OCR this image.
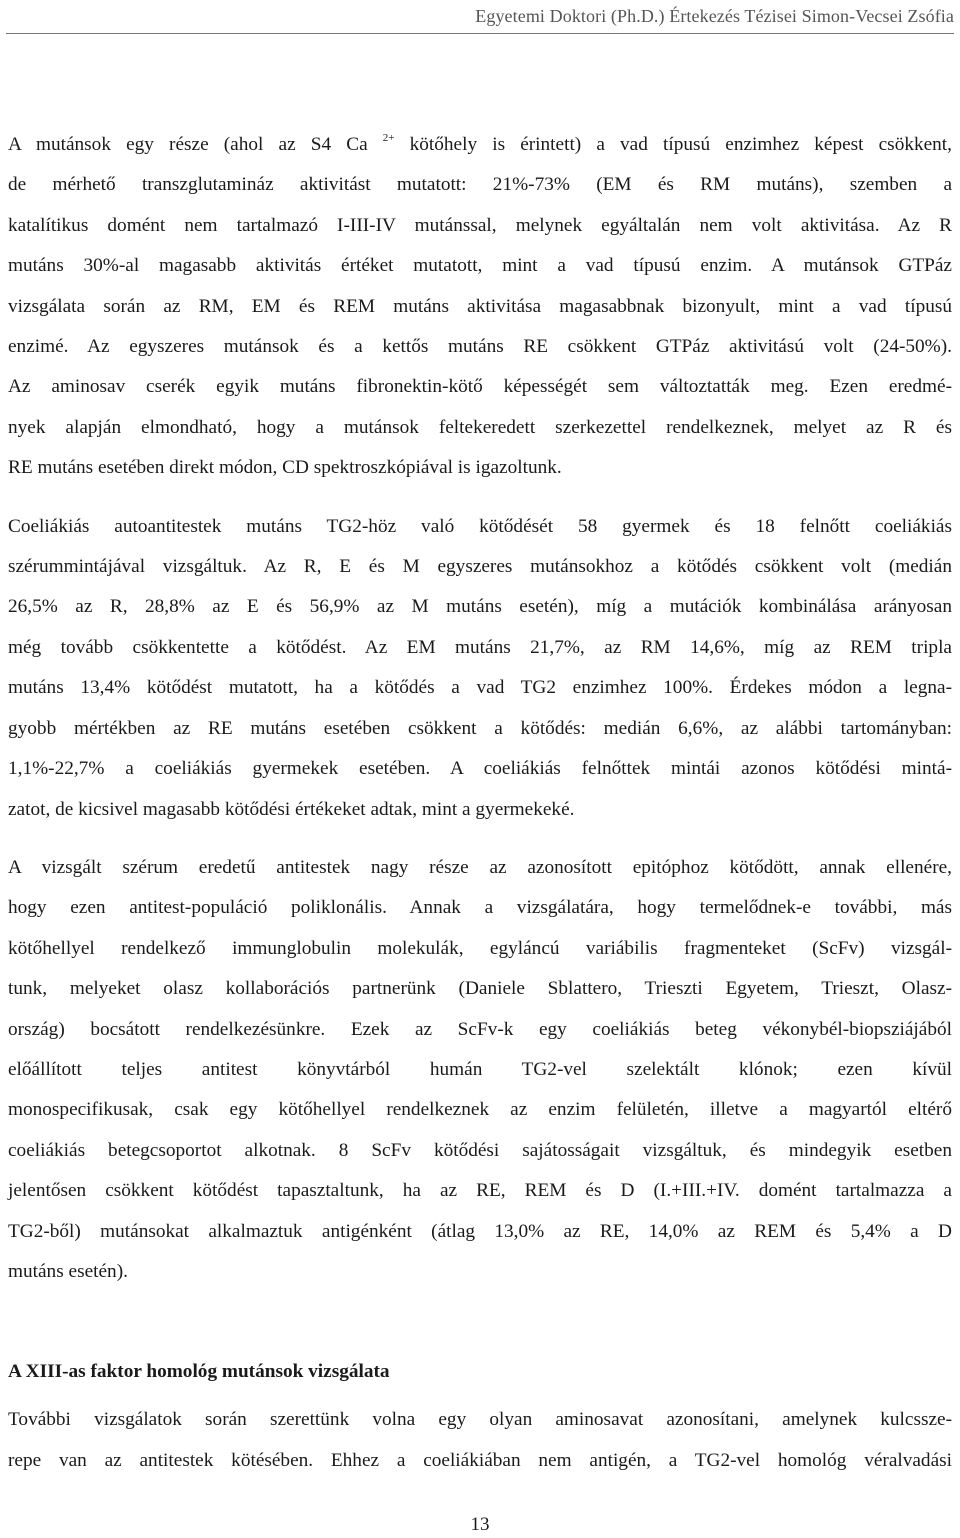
Egyetemi Doktori (Ph.D.) Értekezés Tézisei Simon-Vecsei Zsófia
A mutánsok egy része (ahol az S4 Ca $^{2+}$ kötőhely is érintett) a vad típusú enzimhez képest csökkent,
de mérhető transzglutamináz aktivitást mutatott: 21%-73% (EM és RM mutáns), szemben a
katalítikus domént nem tartalmazó I-III-IV mutánssal, melynek egyáltalán nem volt aktivitása. Az R
mutáns 30%-al magasabb aktivitás értéket mutatott, mint a vad típusú enzim. A mutánsok GTPáz
vizsgálata során az RM, EM és REM mutáns aktivitása magasabbnak bizonyult, mint a vad típusú
enzimé. Az egyszeres mutánsok és a kettős mutáns RE csökkent GTPáz aktivitású volt (24-50%).
Az aminosav cserék egyik mutáns fibronektin-kötő képességét sem változtatták meg. Ezen eredmé-
nyek alapján elmondható, hogy a mutánsok feltekeredett szerkezettel rendelkeznek, melyet az R és
RE mutáns esetében direkt módon, CD spektroszkópiával is igazoltunk.
Coeliákiás autoantitestek mutáns TG2-höz való kötődését 58 gyermek és 18 felnőtt coeliákiás
szérummintájával vizsgáltuk. Az R, E és M egyszeres mutánsokhoz a kötődés csökkent volt (medián
26,5% az R, 28,8% az E és 56,9% az M mutáns esetén), míg a mutációk kombinálása arányosan
még tovább csökkentette a kötődést. Az EM mutáns 21,7%, az RM 14,6%, míg az REM tripla
mutáns 13,4% kötődést mutatott, ha a kötődés a vad TG2 enzimhez 100%. Érdekes módon a legna-
gyobb mértékben az RE mutáns esetében csökkent a kötődés: medián 6,6%, az alábbi tartományban:
1,1%-22,7% a coeliákiás gyermekek esetében. A coeliákiás felnőttek mintái azonos kötődési mintá-
zatot, de kicsivel magasabb kötődési értékeket adtak, mint a gyermekeké.
A vizsgált szérum eredetű antitestek nagy része az azonosított epitóphoz kötődött, annak ellenére,
hogy ezen antitest-populáció poliklonális. Annak a vizsgálatára, hogy termelődnek-e további, más
kötőhellyel rendelkező immunglobulin molekulák, egyláncú variábilis fragmenteket (ScFv) vizsgál-
tunk, melyeket olasz kollaborációs partnerünk (Daniele Sblattero, Trieszti Egyetem, Trieszt, Olasz-
ország) bocsátott rendelkezésünkre. Ezek az ScFv-k egy coeliákiás beteg vékonybél-biopsziájából
előállított teljes antitest könyvtárból humán TG2-vel szelektált klónok; ezen kívül
monospecifikusak, csak egy kötőhellyel rendelkeznek az enzim felületén, illetve a magyartól eltérő
coeliákiás betegcsoportot alkotnak. 8 ScFv kötődési sajátosságait vizsgáltuk, és mindegyik esetben
jelentősen csökkent kötődést tapasztaltunk, ha az RE, REM és D (I.+III.+IV. domént tartalmazza a
TG2-ből) mutánsokat alkalmaztuk antigénként (átlag 13,0% az RE, 14,0% az REM és 5,4% a D
mutáns esetén).
A XIII-as faktor homológ mutánsok vizsgálata
További vizsgálatok során szerettünk volna egy olyan aminosavat azonosítani, amelynek kulcssze-
repe van az antitestek kötésében. Ehhez a coeliákiában nem antigén, a TG2-vel homológ véralvadási
13
